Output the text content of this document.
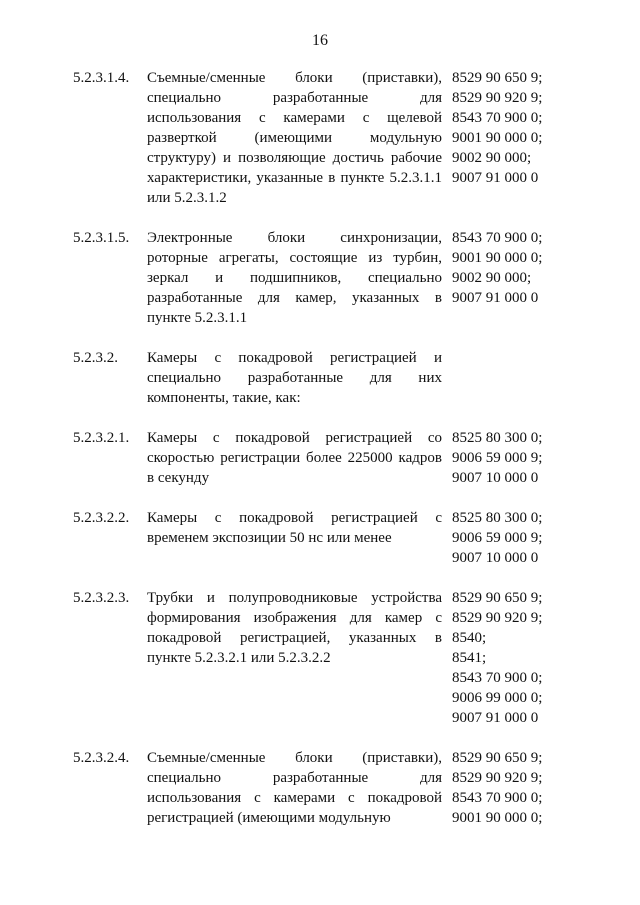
16
5.2.3.1.4. Съемные/сменные блоки (приставки), специально разработанные для использования с камерами с щелевой разверткой (имеющими модульную структуру) и позволяющие достичь рабочие характеристики, указанные в пункте 5.2.3.1.1 или 5.2.3.1.2
8529 90 650 9;
8529 90 920 9;
8543 70 900 0;
9001 90 000 0;
9002 90 000;
9007 91 000 0
5.2.3.1.5. Электронные блоки синхронизации, роторные агрегаты, состоящие из турбин, зеркал и подшипников, специально разработанные для камер, указанных в пункте 5.2.3.1.1
8543 70 900 0;
9001 90 000 0;
9002 90 000;
9007 91 000 0
5.2.3.2. Камеры с покадровой регистрацией и специально разработанные для них компоненты, такие, как:
5.2.3.2.1. Камеры с покадровой регистрацией со скоростью регистрации более 225000 кадров в секунду
8525 80 300 0;
9006 59 000 9;
9007 10 000 0
5.2.3.2.2. Камеры с покадровой регистрацией с временем экспозиции 50 нс или менее
8525 80 300 0;
9006 59 000 9;
9007 10 000 0
5.2.3.2.3. Трубки и полупроводниковые устройства формирования изображения для камер с покадровой регистрацией, указанных в пункте 5.2.3.2.1 или 5.2.3.2.2
8529 90 650 9;
8529 90 920 9;
8540;
8541;
8543 70 900 0;
9006 99 000 0;
9007 91 000 0
5.2.3.2.4. Съемные/сменные блоки (приставки), специально разработанные для использования с камерами с покадровой регистрацией (имеющими модульную
8529 90 650 9;
8529 90 920 9;
8543 70 900 0;
9001 90 000 0;
